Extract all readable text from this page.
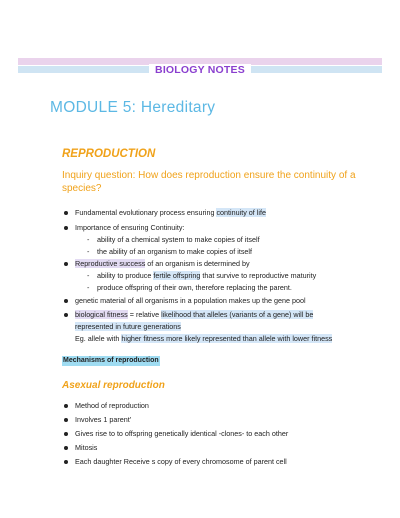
BIOLOGY NOTES
MODULE 5: Hereditary
REPRODUCTION
Inquiry question: How does reproduction ensure the continuity of a species?
Fundamental evolutionary process ensuring continuity of life
Importance of ensuring Continuity:
- ability of a chemical system to make copies of itself
- the ability of an organism to make copies of itself
Reproductive success of an organism is determined by
- ability to produce fertile offspring that survive to reproductive maturity
- produce offspring of their own, therefore replacing the parent.
genetic material of all organisms in a population makes up the gene pool
biological fitness = relative likelihood that alleles (variants of a gene) will be
represented in future generations
Eg. allele with higher fitness more likely represented than allele with lower fitness
Mechanisms of reproduction
Asexual reproduction
Method of reproduction
Involves 1 parent'
Gives rise to to offspring genetically identical -clones- to each other
Mitosis
Each daughter Receive s copy of every chromosome of parent cell
